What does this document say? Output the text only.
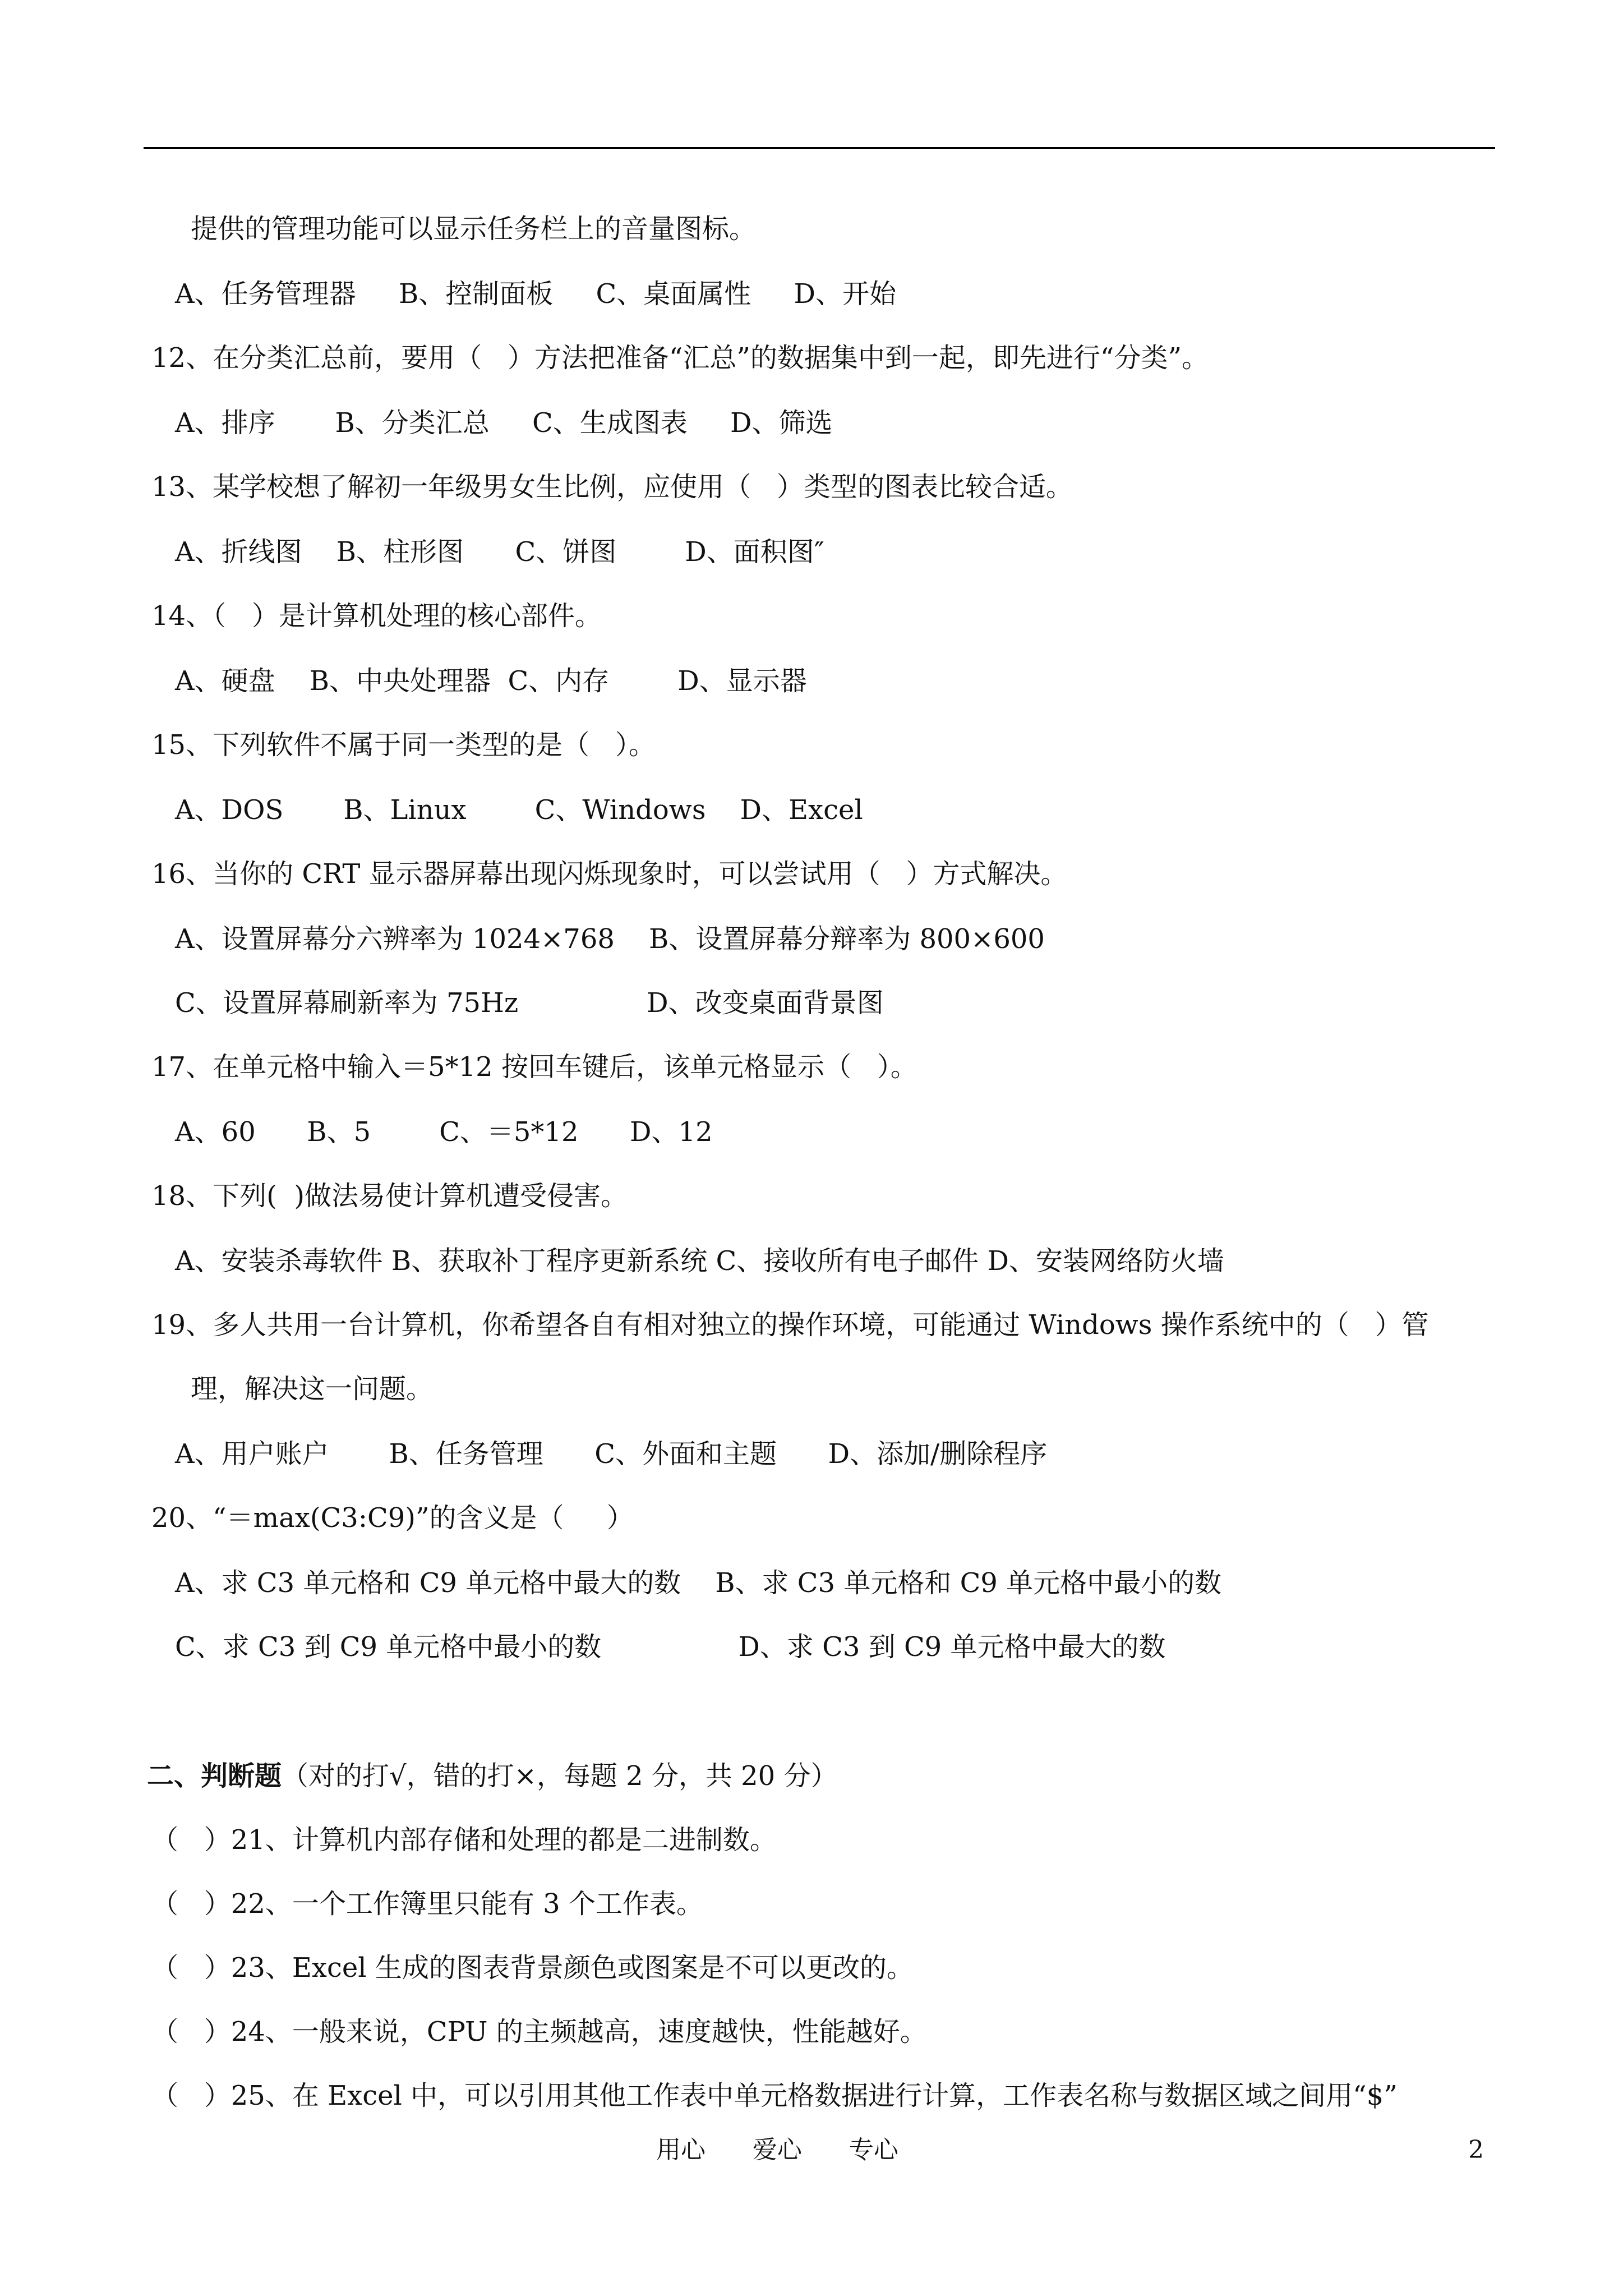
提供的管理功能可以显示任务栏上的音量图标。
A、任务管理器     B、控制面板     C、桌面属性     D、开始
12、在分类汇总前，要用（   ）方法把准备“汇总”的数据集中到一起，即先进行“分类”。
A、排序       B、分类汇总     C、生成图表     D、筛选
13、某学校想了解初一年级男女生比例，应使用（   ）类型的图表比较合适。
A、折线图    B、柱形图      C、饼图        D、面积图″
14、（   ）是计算机处理的核心部件。
A、硬盘    B、中央处理器  C、内存        D、显示器
15、下列软件不属于同一类型的是（   ）。
A、DOS       B、Linux        C、Windows    D、Excel
16、当你的 CRT 显示器屏幕出现闪烁现象时，可以尝试用（   ）方式解决。
A、设置屏幕分六辨率为 1024×768    B、设置屏幕分辩率为 800×600
C、设置屏幕刷新率为 75Hz               D、改变桌面背景图
17、在单元格中输入＝5*12 按回车键后，该单元格显示（   ）。
A、60      B、5        C、＝5*12      D、12
18、下列(  )做法易使计算机遭受侵害。
A、安装杀毒软件 B、获取补丁程序更新系统 C、接收所有电子邮件 D、安装网络防火墙
19、多人共用一台计算机，你希望各自有相对独立的操作环境，可能通过 Windows 操作系统中的（   ）管
理，解决这一问题。
A、用户账户       B、任务管理      C、外面和主题      D、添加/删除程序
20、“＝max(C3:C9)”的含义是（     ）
A、求 C3 单元格和 C9 单元格中最大的数    B、求 C3 单元格和 C9 单元格中最小的数
C、求 C3 到 C9 单元格中最小的数                D、求 C3 到 C9 单元格中最大的数
二、判断题（对的打√，错的打×，每题 2 分，共 20 分）
（   ）21、计算机内部存储和处理的都是二进制数。
（   ）22、一个工作簿里只能有 3 个工作表。
（   ）23、Excel 生成的图表背景颜色或图案是不可以更改的。
（   ）24、一般来说，CPU 的主频越高，速度越快，性能越好。
（   ）25、在 Excel 中，可以引用其他工作表中单元格数据进行计算，工作表名称与数据区域之间用“$”
用心      爱心      专心	2
